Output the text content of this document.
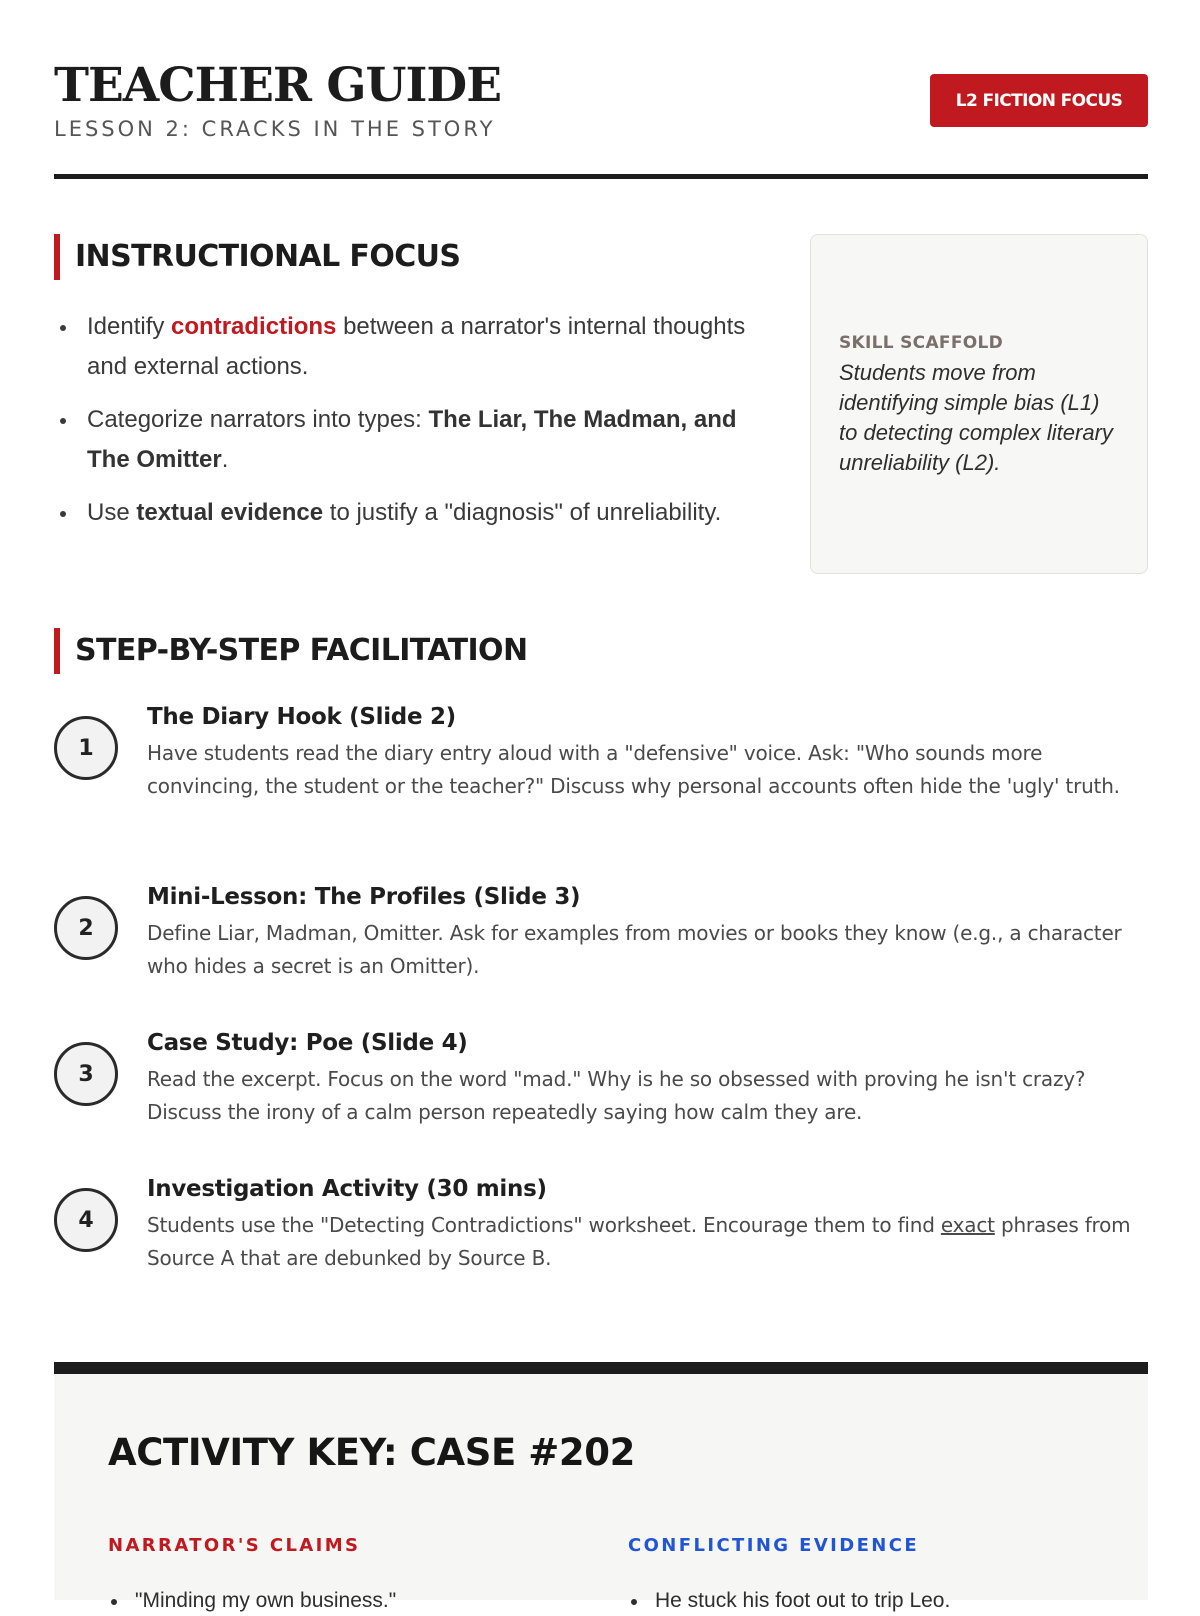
TEACHER GUIDE
LESSON 2: CRACKS IN THE STORY
L2 FICTION FOCUS
INSTRUCTIONAL FOCUS
Identify contradictions between a narrator's internal thoughts and external actions.
Categorize narrators into types: The Liar, The Madman, and The Omitter.
Use textual evidence to justify a "diagnosis" of unreliability.
SKILL SCAFFOLD
Students move from identifying simple bias (L1) to detecting complex literary unreliability (L2).
STEP-BY-STEP FACILITATION
1
The Diary Hook (Slide 2)
Have students read the diary entry aloud with a "defensive" voice. Ask: "Who sounds more convincing, the student or the teacher?" Discuss why personal accounts often hide the 'ugly' truth.
2
Mini-Lesson: The Profiles (Slide 3)
Define Liar, Madman, Omitter. Ask for examples from movies or books they know (e.g., a character who hides a secret is an Omitter).
3
Case Study: Poe (Slide 4)
Read the excerpt. Focus on the word "mad." Why is he so obsessed with proving he isn't crazy? Discuss the irony of a calm person repeatedly saying how calm they are.
4
Investigation Activity (30 mins)
Students use the "Detecting Contradictions" worksheet. Encourage them to find exact phrases from Source A that are debunked by Source B.
ACTIVITY KEY: CASE #202
NARRATOR'S CLAIMS
"Minding my own business."
CONFLICTING EVIDENCE
He stuck his foot out to trip Leo.
